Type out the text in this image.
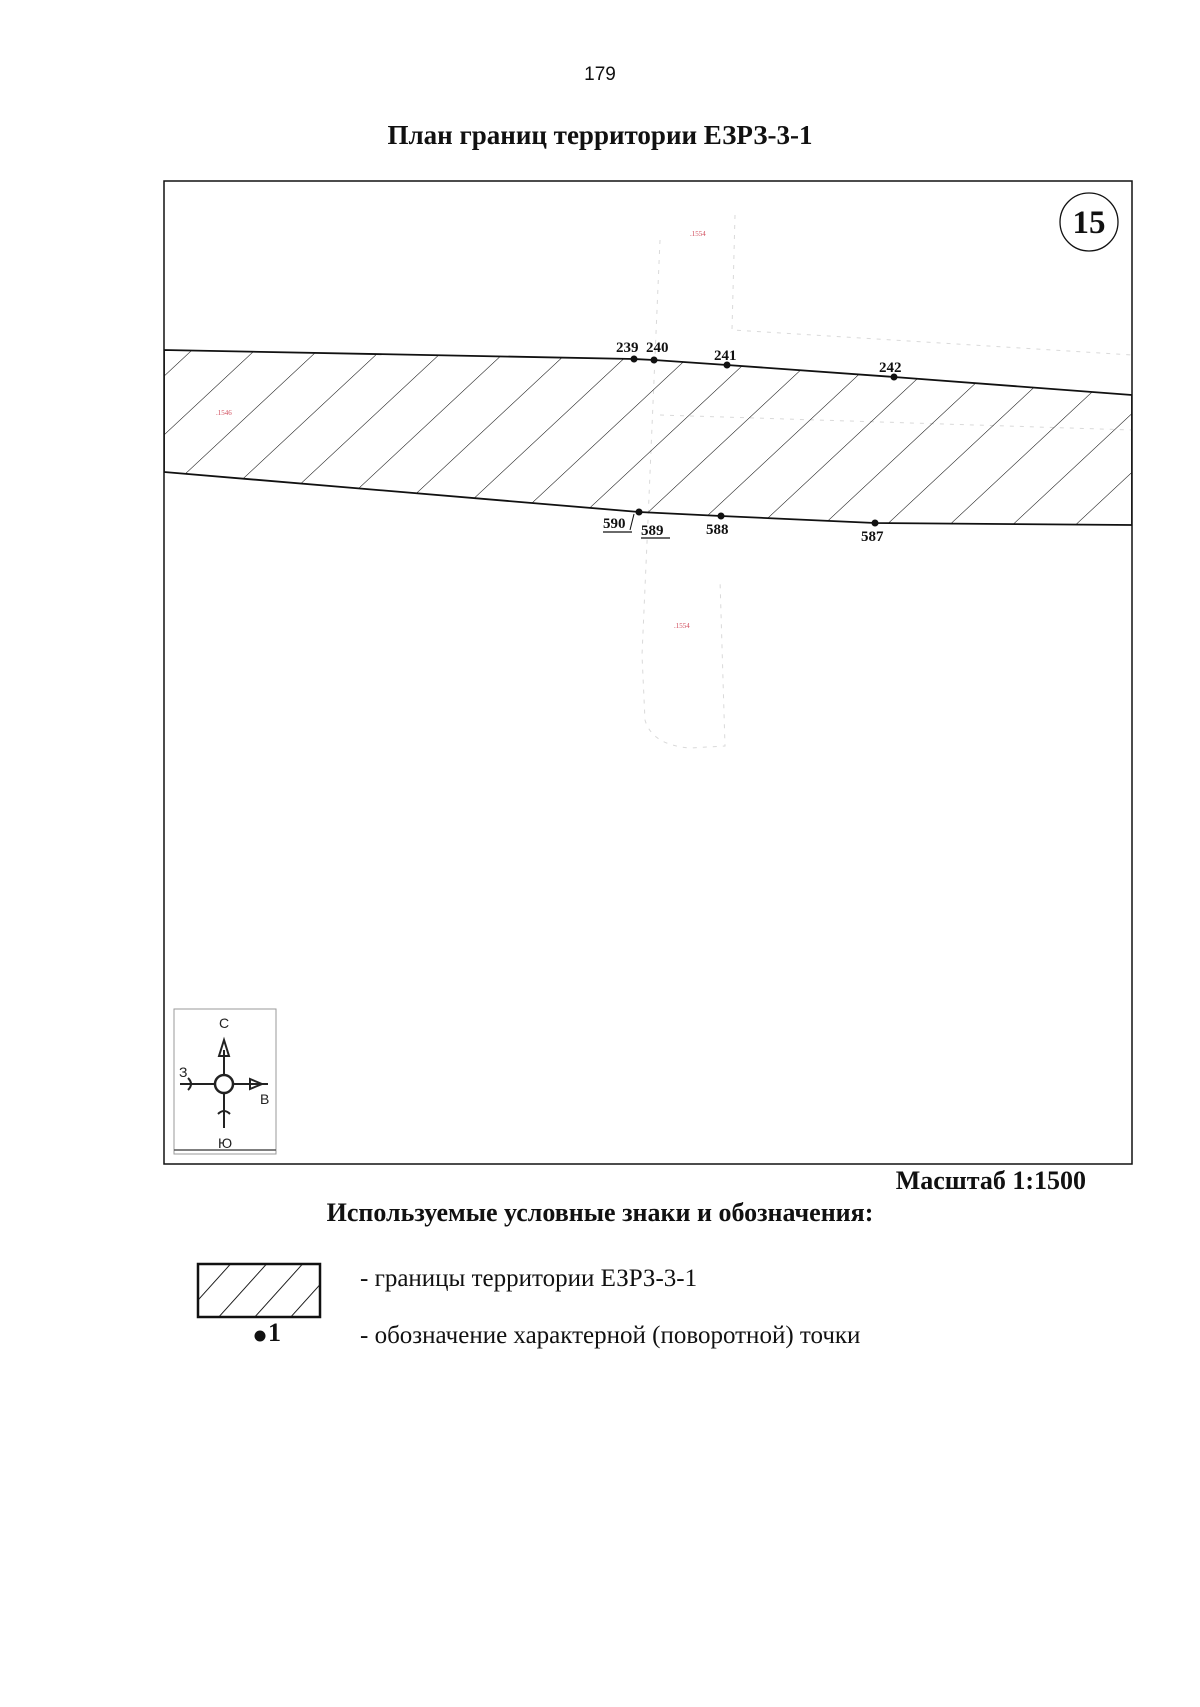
179
План границ территории ЕЗРЗ-3-1
.1554
.1554
.1546
239 240	241
242
590 589	588	587
15
С
З
В
Ю
Масштаб 1:1500
Используемые условные знаки и обозначения:
- границы территории ЕЗРЗ-3-1
1	- обозначение характерной (поворотной) точки
